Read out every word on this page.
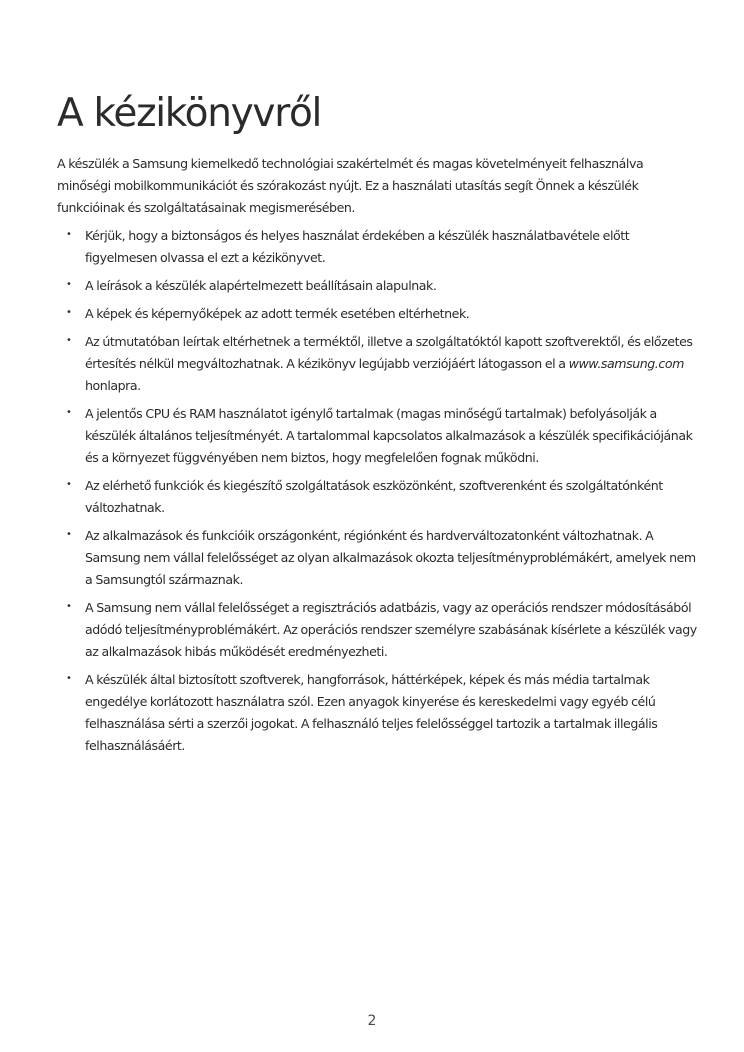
A kézikönyvről

A készülék a Samsung kiemelkedő technológiai szakértelmét és magas követelményeit felhasználva minőségi mobilkommunikációt és szórakozást nyújt. Ez a használati utasítás segít Önnek a készülék funkcióinak és szolgáltatásainak megismerésében.

• Kérjük, hogy a biztonságos és helyes használat érdekében a készülék használatbavétele előtt figyelmesen olvassa el ezt a kézikönyvet.
• A leírások a készülék alapértelmezett beállításain alapulnak.
• A képek és képernyőképek az adott termék esetében eltérhetnek.
• Az útmutatóban leírtak eltérhetnek a terméktől, illetve a szolgáltatóktól kapott szoftverektől, és előzetes értesítés nélkül megváltozhatnak. A kézikönyv legújabb verziójáért látogasson el a www.samsung.com honlapra.
• A jelentős CPU és RAM használatot igénylő tartalmak (magas minőségű tartalmak) befolyásolják a készülék általános teljesítményét. A tartalommal kapcsolatos alkalmazások a készülék specifikációjának és a környezet függvényében nem biztos, hogy megfelelően fognak működni.
• Az elérhető funkciók és kiegészítő szolgáltatások eszközönként, szoftverenként és szolgáltatónként változhatnak.
• Az alkalmazások és funkcióik országonként, régiónként és hardverváltozatonként változhatnak. A Samsung nem vállal felelősséget az olyan alkalmazások okozta teljesítményproblémákért, amelyek nem a Samsungtól származnak.
• A Samsung nem vállal felelősséget a regisztrációs adatbázis, vagy az operációs rendszer módosításából adódó teljesítményproblémákért. Az operációs rendszer személyre szabásának kísérlete a készülék vagy az alkalmazások hibás működését eredményezheti.
• A készülék által biztosított szoftverek, hangforrások, háttérképek, képek és más média tartalmak engedélye korlátozott használatra szól. Ezen anyagok kinyerése és kereskedelmi vagy egyéb célú felhasználása sérti a szerzői jogokat. A felhasználó teljes felelősséggel tartozik a tartalmak illegális felhasználásáért.
2
